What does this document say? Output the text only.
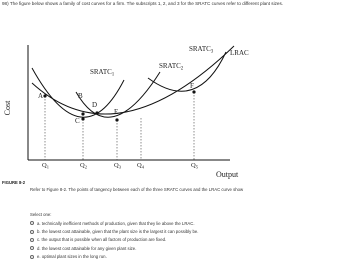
98) The figure below shows a family of cost curves for a firm. The subscripts 1, 2, and 3 for the SRATC curves refer to different plant sizes.
Cost
Output
A	B
C
D
E
F
$SRATC_1$
$SRATC_2$
$SRATC_3$ LRAC
$Q_1$	$Q_2$	$Q_3$ $Q_4$	$Q_5$
FIGURE 8-2
Refer to Figure 8-2. The points of tangency between each of the three SRATC curves and the LRAC curve show
Select one:
a.
technically inefficient methods of production, given that they lie above the LRAC.
b.
the lowest cost attainable, given that the plant size is the largest it can possibly be.
c.
the output that is possible when all factors of production are fixed.
d.
the lowest cost attainable for any given plant size.
e.
optimal plant sizes in the long run.
